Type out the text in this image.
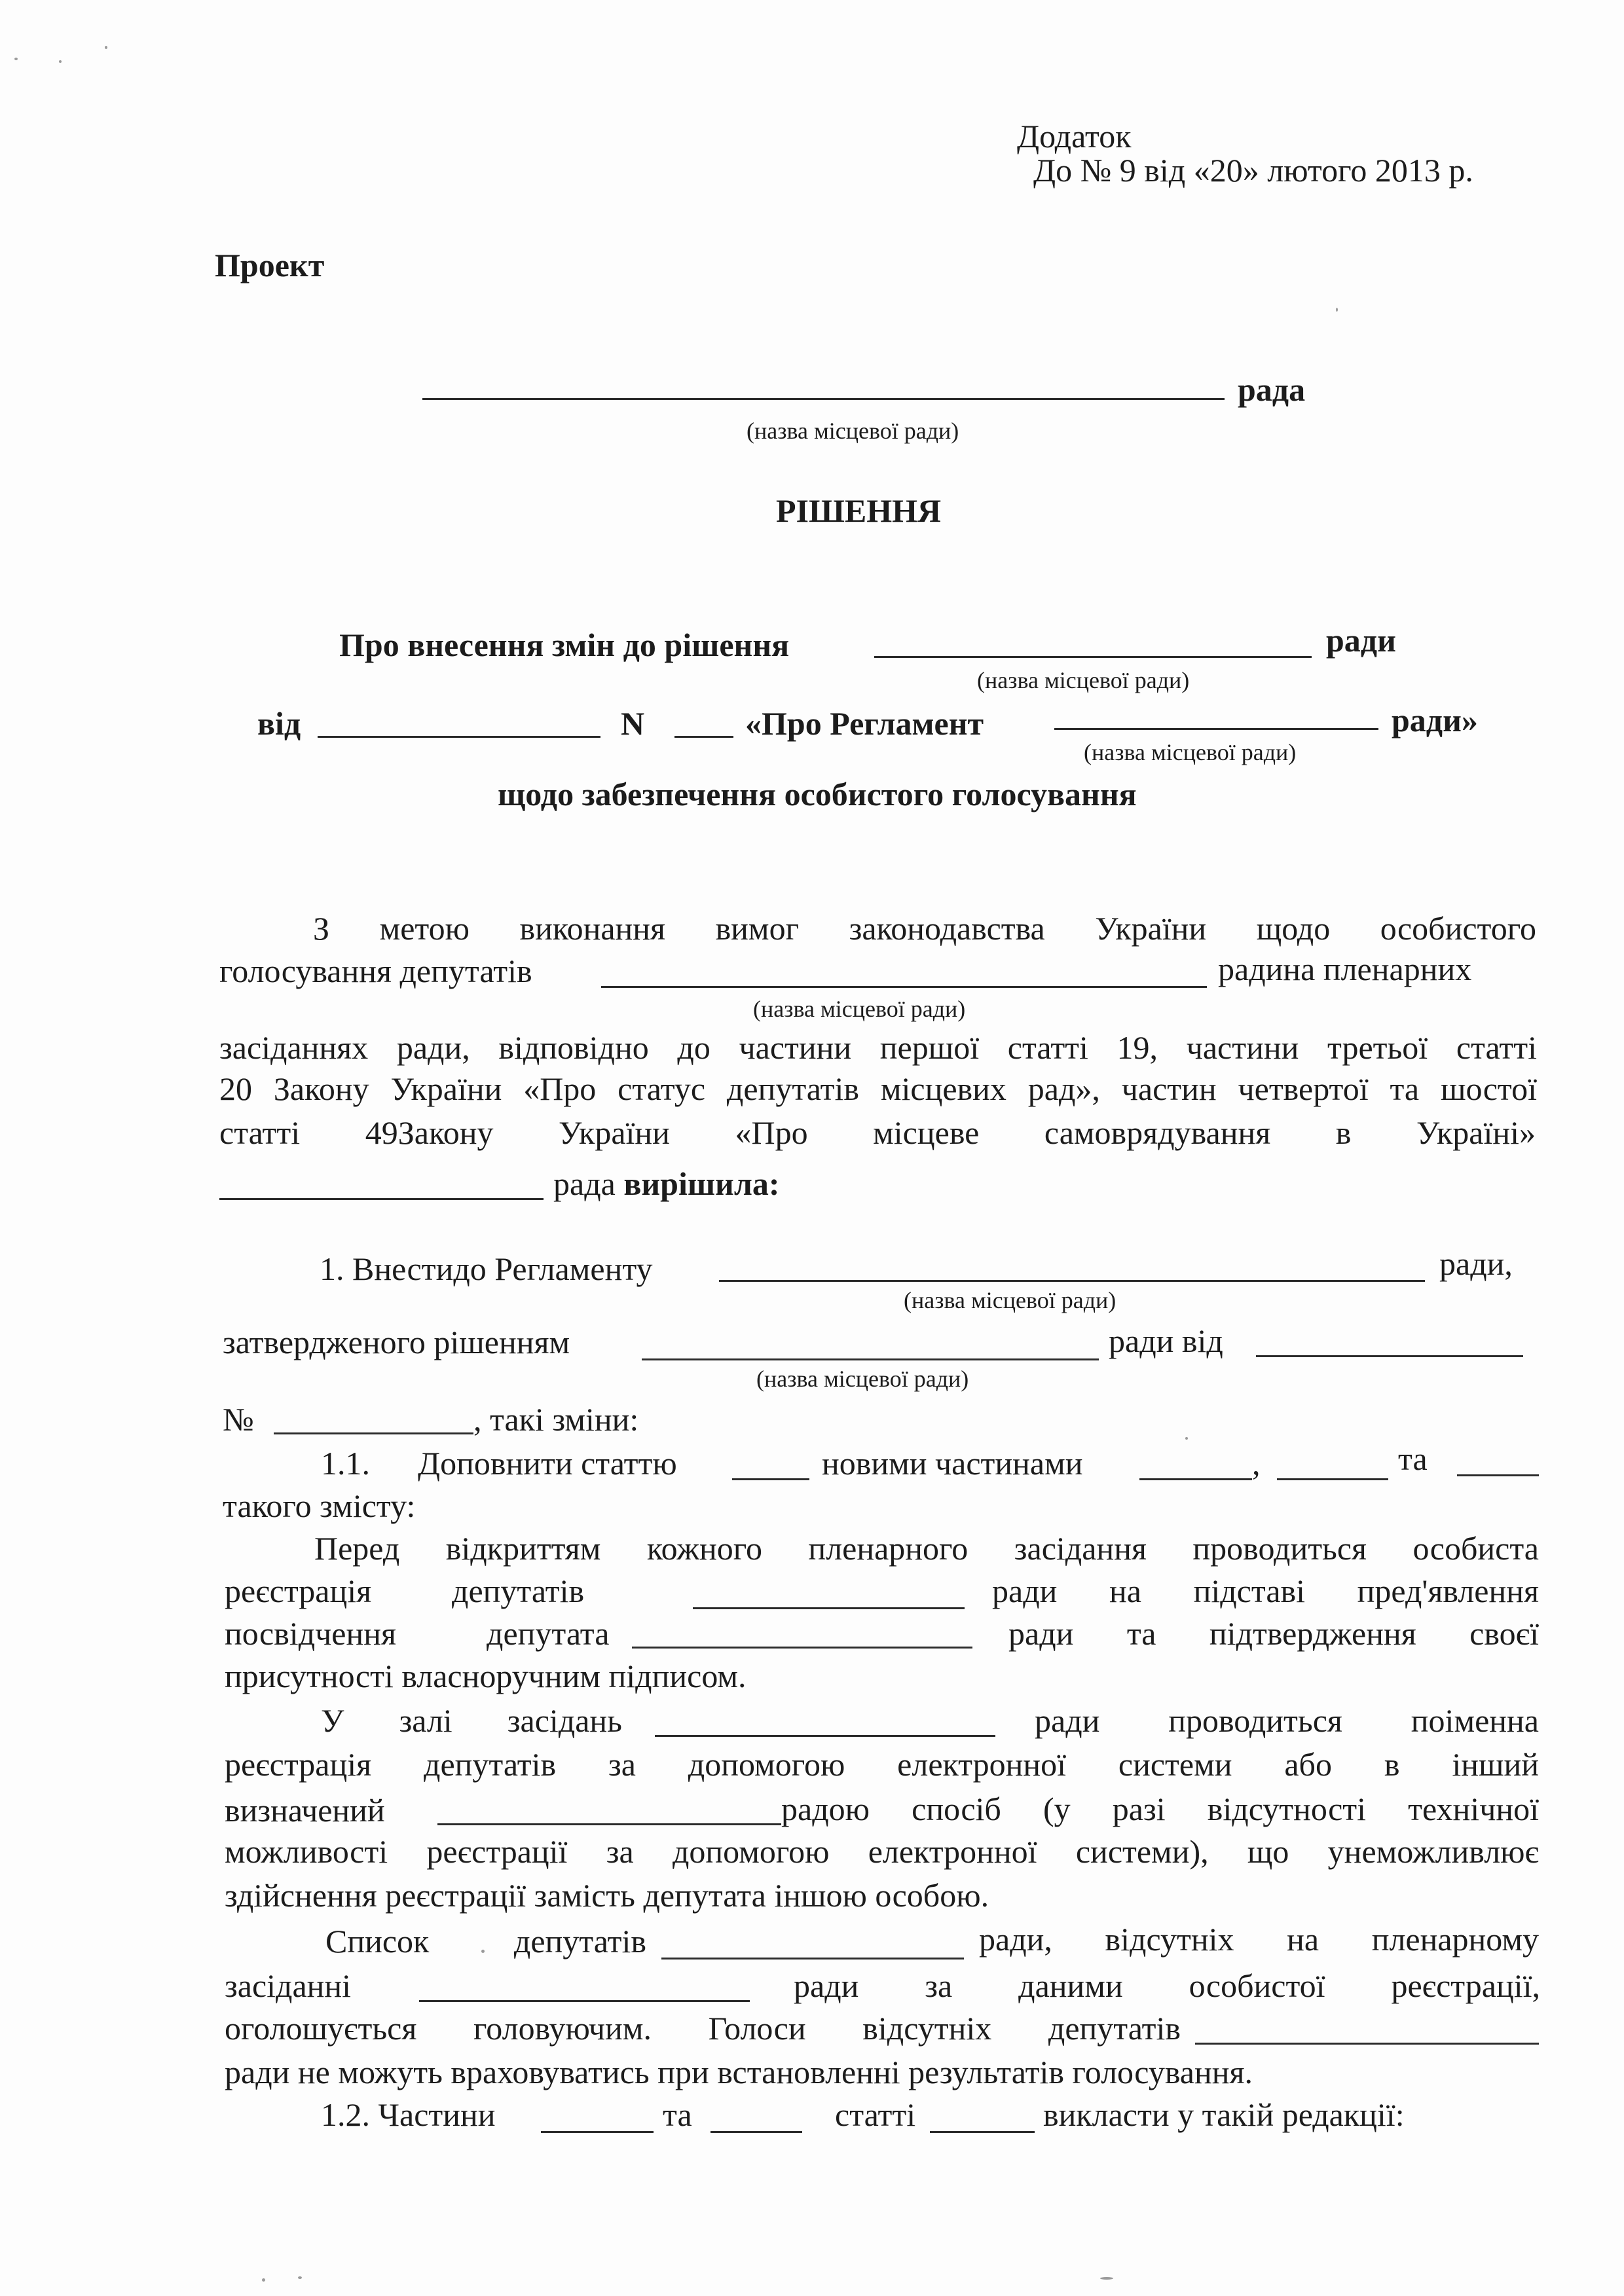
Додаток
До № 9 від «20» лютого 2013 р.
Проект
рада
(назва місцевої ради)
РІШЕННЯ
Про внесення змін до рішення	ради
(назва місцевої ради)
від	N	«Про Регламент	ради»
(назва місцевої ради)
щодо забезпечення особистого голосування
З метою виконання вимог законодавства України щодо особистого
голосування депутатів	радина пленарних
(назва місцевої ради)
засіданнях ради, відповідно до частини першої статті 19, частини третьої статті
20 Закону України «Про статус депутатів місцевих рад», частин четвертої та шостої
статті 49Закону України «Про місцеве самоврядування в Україні»
рада вирішила:
1. Внестидо Регламенту	ради,
(назва місцевої ради)
затвердженого рішенням	ради від
(назва місцевої ради)
№	, такі зміни:
1.1. Доповнити статтю	новими частинами	,	та
такого змісту:
Перед відкриттям кожного пленарного засідання проводиться особиста
реєстрація депутатів	ради на підставі пред'явлення
посвідчення	депутата	ради та підтвердження своєї
присутності власноручним підписом.
У залі засідань	ради проводиться поіменна
реєстрація депутатів за допомогою електронної системи або в інший
визначений	радою спосіб (у разі відсутності технічної
можливості реєстрації за допомогою електронної системи), що унеможливлює
здійснення реєстрації замість депутата іншою особою.
Список депутатів	ради, відсутніх на пленарному
засіданні	ради за даними особистої реєстрації,
оголошується головуючим. Голоси відсутніх депутатів
ради не можуть враховуватись при встановленні результатів голосування.
1.2. Частини	та	статті	викласти у такій редакції:
